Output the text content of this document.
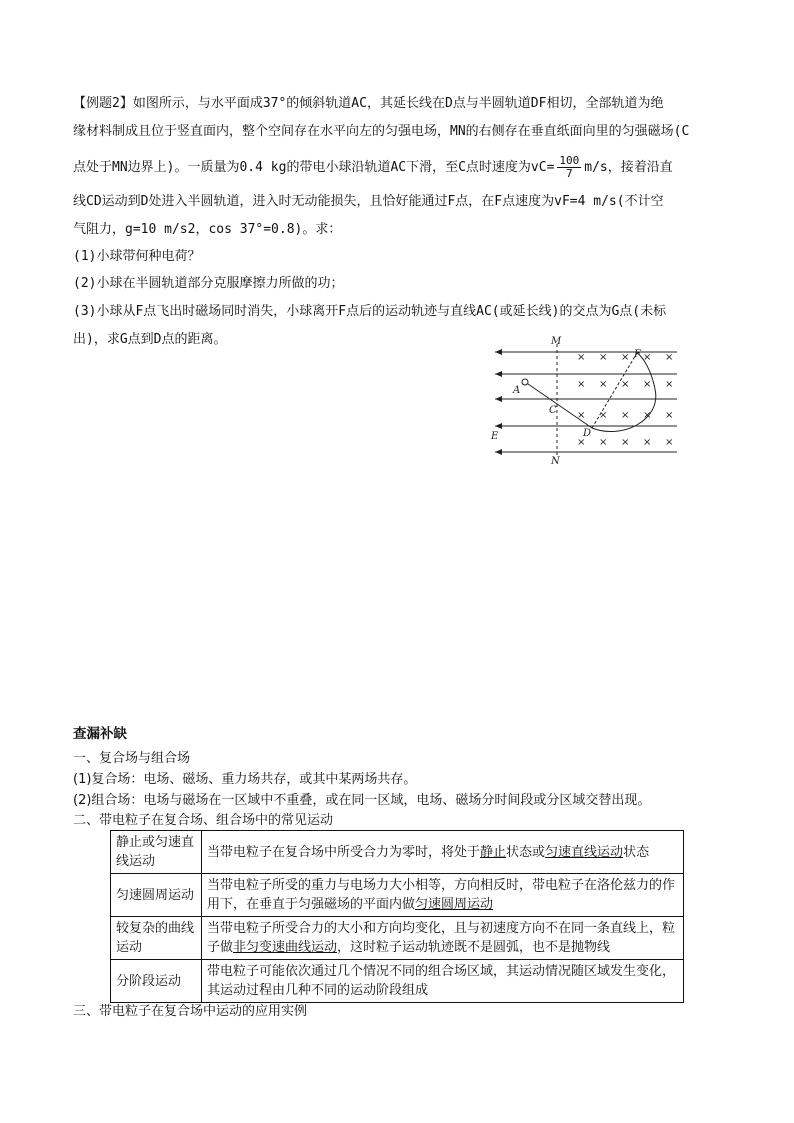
【例题2】如图所示，与水平面成37°的倾斜轨道AC，其延长线在D点与半圆轨道DF相切，全部轨道为绝
缘材料制成且位于竖直面内，整个空间存在水平向左的匀强电场，MN的右侧存在垂直纸面向里的匀强磁场(C
点处于MN边界上)。一质量为0.4 kg的带电小球沿轨道AC下滑，至C点时速度为$vC= \frac{100}{7} m/s$，接着沿直
线CD运动到D处进入半圆轨道，进入时无动能损失，且恰好能通过F点，在F点速度为vF=4 m/s(不计空
气阻力，g=10 m/s2，cos 37°=0.8)。求：
(1)小球带何种电荷？
(2)小球在半圆轨道部分克服摩擦力所做的功；
(3)小球从F点飞出时磁场同时消失，小球离开F点后的运动轨迹与直线AC(或延长线)的交点为G点(未标
出)，求G点到D点的距离。
× × × × ×
× × × × ×
× × × × ×
× × × × ×
M
N
A
C
D
E
F
查漏补缺
一、复合场与组合场
(1)复合场：电场、磁场、重力场共存，或其中某两场共存。
(2)组合场：电场与磁场在一区域中不重叠，或在同一区域，电场、磁场分时间段或分区域交替出现。
二、带电粒子在复合场、组合场中的常见运动
静止或匀速直线运动	当带电粒子在复合场中所受合力为零时，将处于静止状态或匀速直线运动状态
匀速圆周运动	当带电粒子所受的重力与电场力大小相等，方向相反时，带电粒子在洛伦兹力的作用下，在垂直于匀强磁场的平面内做匀速圆周运动
较复杂的曲线运动	当带电粒子所受合力的大小和方向均变化，且与初速度方向不在同一条直线上，粒子做非匀变速曲线运动，这时粒子运动轨迹既不是圆弧，也不是抛物线
分阶段运动	带电粒子可能依次通过几个情况不同的组合场区域，其运动情况随区域发生变化，其运动过程由几种不同的运动阶段组成
三、带电粒子在复合场中运动的应用实例
